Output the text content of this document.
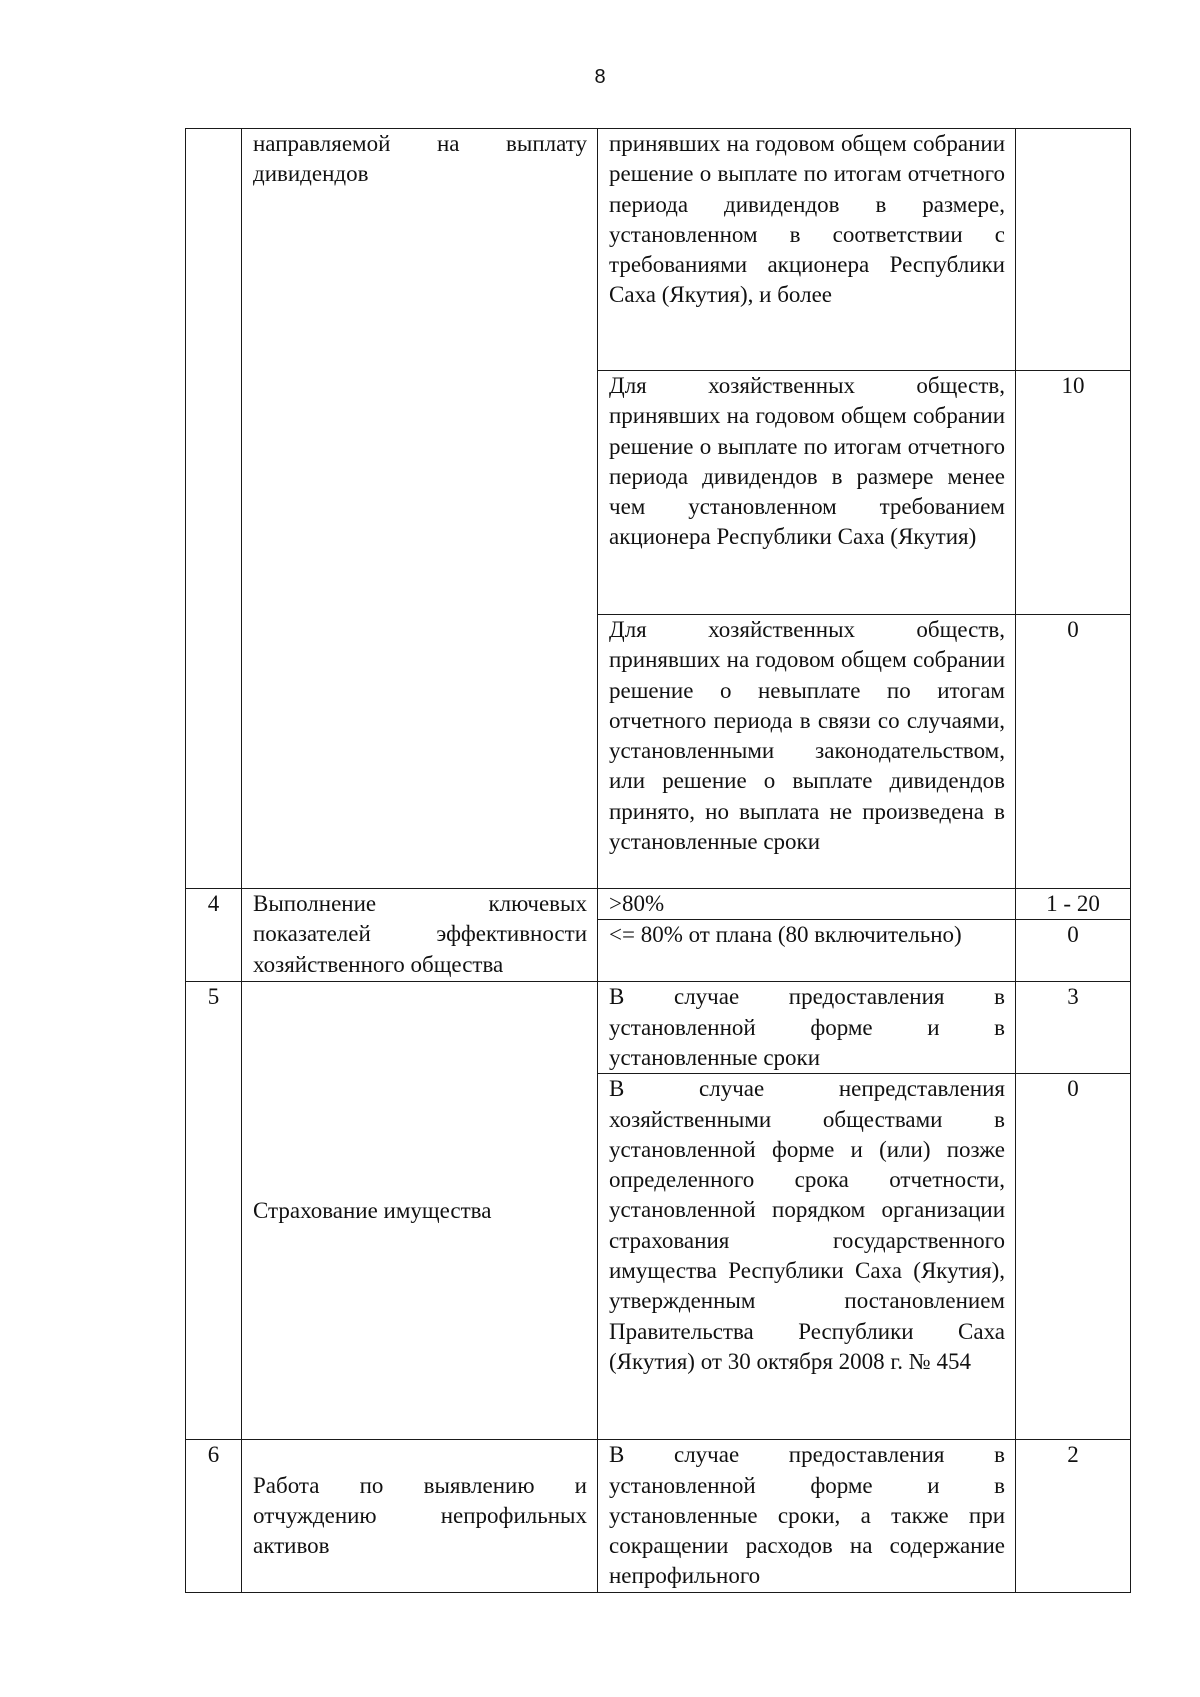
8

	направляемой на выплату дивидендов	принявших на годовом общем собрании решение о выплате по итогам отчетного периода дивидендов в размере, установленном в соответствии с требованиями акционера Республики Саха (Якутия), и более	

		Для хозяйственных обществ, принявших на годовом общем собрании решение о выплате по итогам отчетного периода дивидендов в размере менее чем установленном требованием акционера Республики Саха (Якутия)	10

		Для хозяйственных обществ, принявших на годовом общем собрании решение о невыплате по итогам отчетного периода в связи со случаями, установленными законодательством, или решение о выплате дивидендов принято, но выплата не произведена в установленные сроки	0
4	Выполнение ключевых показателей эффективности хозяйственного общества	>80%	1 - 20

		<= 80% от плана (80 включительно)	0
5	Страхование имущества	В случае предоставления в установленной форме и в установленные сроки	3

		В случае непредставления хозяйственными обществами в установленной форме и (или) позже определенного срока отчетности, установленной порядком организации страхования государственного имущества Республики Саха (Якутия), утвержденным постановлением Правительства Республики Саха (Якутия) от 30 октября 2008 г. № 454	0
6	Работа по выявлению и отчуждению непрофильных активов	В случае предоставления в установленной форме и в установленные сроки, а также при сокращении расходов на содержание непрофильного	2
